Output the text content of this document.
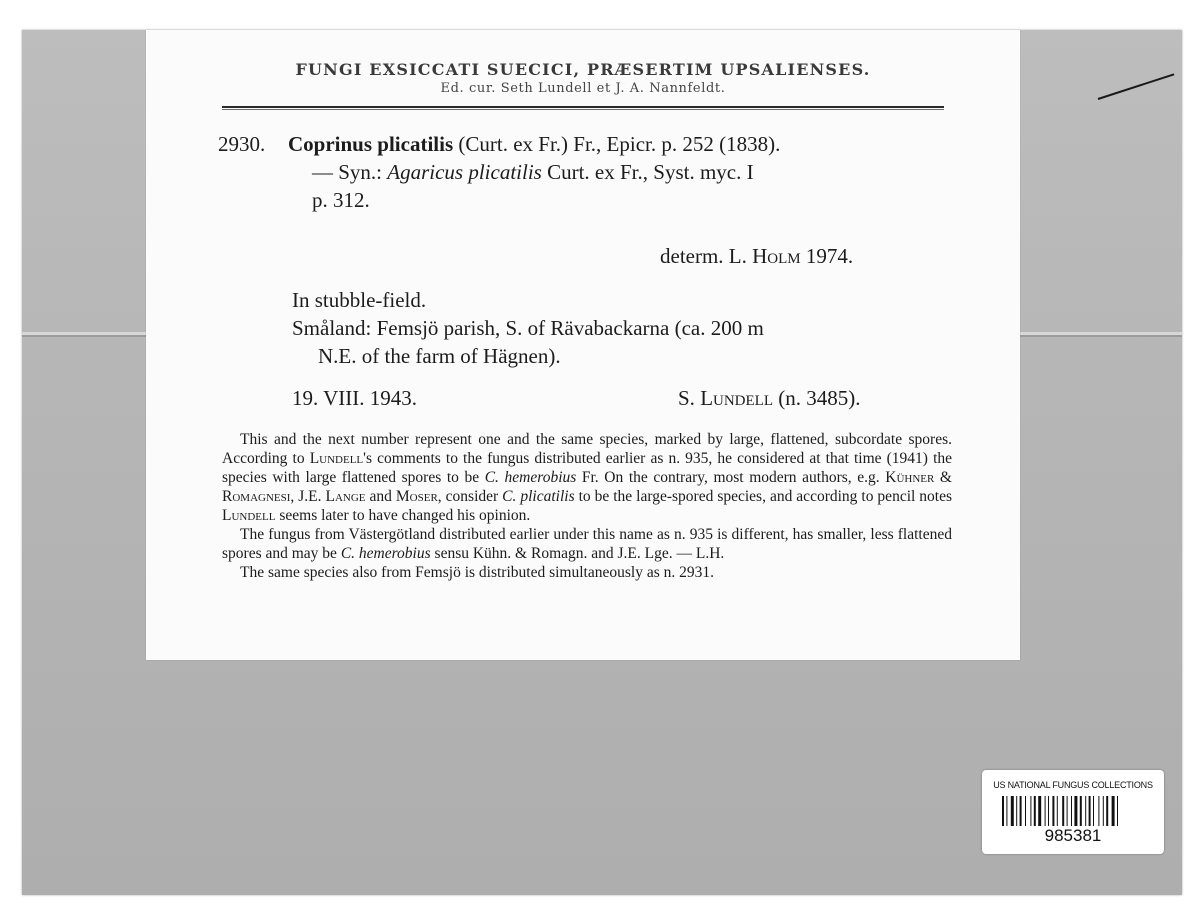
FUNGI EXSICCATI SUECICI, PRÆSERTIM UPSALIENSES.
Ed. cur. Seth Lundell et J. A. Nannfeldt.
2930. Coprinus plicatilis (Curt. ex Fr.) Fr., Epicr. p. 252 (1838).
— Syn.: Agaricus plicatilis Curt. ex Fr., Syst. myc. I
p. 312.
determ. L. Holm 1974.
In stubble-field.
Småland: Femsjö parish, S. of Rävabackarna (ca. 200 m
N.E. of the farm of Hägnen).
19. VIII. 1943.	S. Lundell (n. 3485).

This and the next number represent one and the same species, marked by large, flattened, subcordate spores. According to Lundell's comments to the fungus distributed earlier as n. 935, he considered at that time (1941) the species with large flattened spores to be C. hemerobius Fr. On the contrary, most modern authors, e.g. Kühner & Romagnesi, J.E. Lange and Moser, consider C. plicatilis to be the large-spored species, and according to pencil notes Lundell seems later to have changed his opinion.

The fungus from Västergötland distributed earlier under this name as n. 935 is different, has smaller, less flattened spores and may be C. hemerobius sensu Kühn. & Romagn. and J.E. Lge. — L.H.

The same species also from Femsjö is distributed simultaneously as n. 2931.

US NATIONAL FUNGUS COLLECTIONS
985381
